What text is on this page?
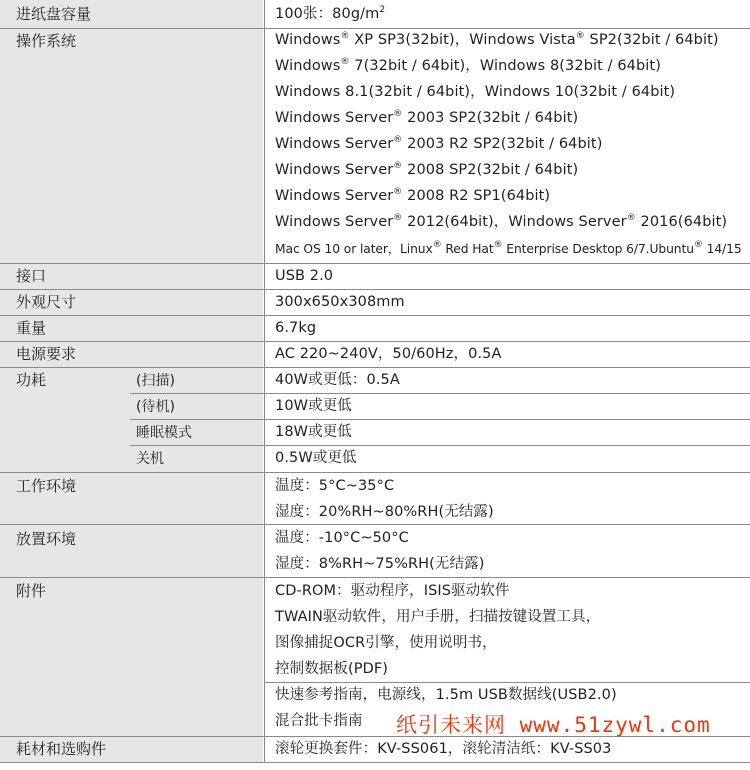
进纸盘容量	100张：$80g/m^2$
操作系统	Windows® XP SP3(32bit)，Windows Vista® SP2(32bit / 64bit)
Windows® 7(32bit / 64bit)，Windows 8(32bit / 64bit)
Windows 8.1(32bit / 64bit)，Windows 10(32bit / 64bit)
Windows Server® 2003 SP2(32bit / 64bit)
Windows Server® 2003 R2 SP2(32bit / 64bit)
Windows Server® 2008 SP2(32bit / 64bit)
Windows Server® 2008 R2 SP1(64bit)
Windows Server® 2012(64bit)，Windows Server® 2016(64bit)
Mac OS 10 or later，Linux® Red Hat® Enterprise Desktop 6/7.Ubuntu® 14/15
接口	USB 2.0
外观尺寸	300x650x308mm
重量	6.7kg
电源要求	AC 220~240V，50/60Hz，0.5A
功耗	(扫描)	40W或更低：0.5A
(待机)	10W或更低
睡眠模式	18W或更低
关机	0.5W或更低
工作环境	温度：5°C~35°C
湿度：20%RH~80%RH(无结露)
放置环境	温度：-10°C~50°C
湿度：8%RH~75%RH(无结露)
附件	CD-ROM：驱动程序，ISIS驱动软件
TWAIN驱动软件，用户手册，扫描按键设置工具，
图像捕捉OCR引擎，使用说明书，
控制数据板(PDF)
快速参考指南，电源线，1.5m USB数据线(USB2.0)
混合批卡指南
耗材和选购件	滚轮更换套件：KV-SS061，滚轮清洁纸：KV-SS03
纸引未来网 www.51zywl.com
